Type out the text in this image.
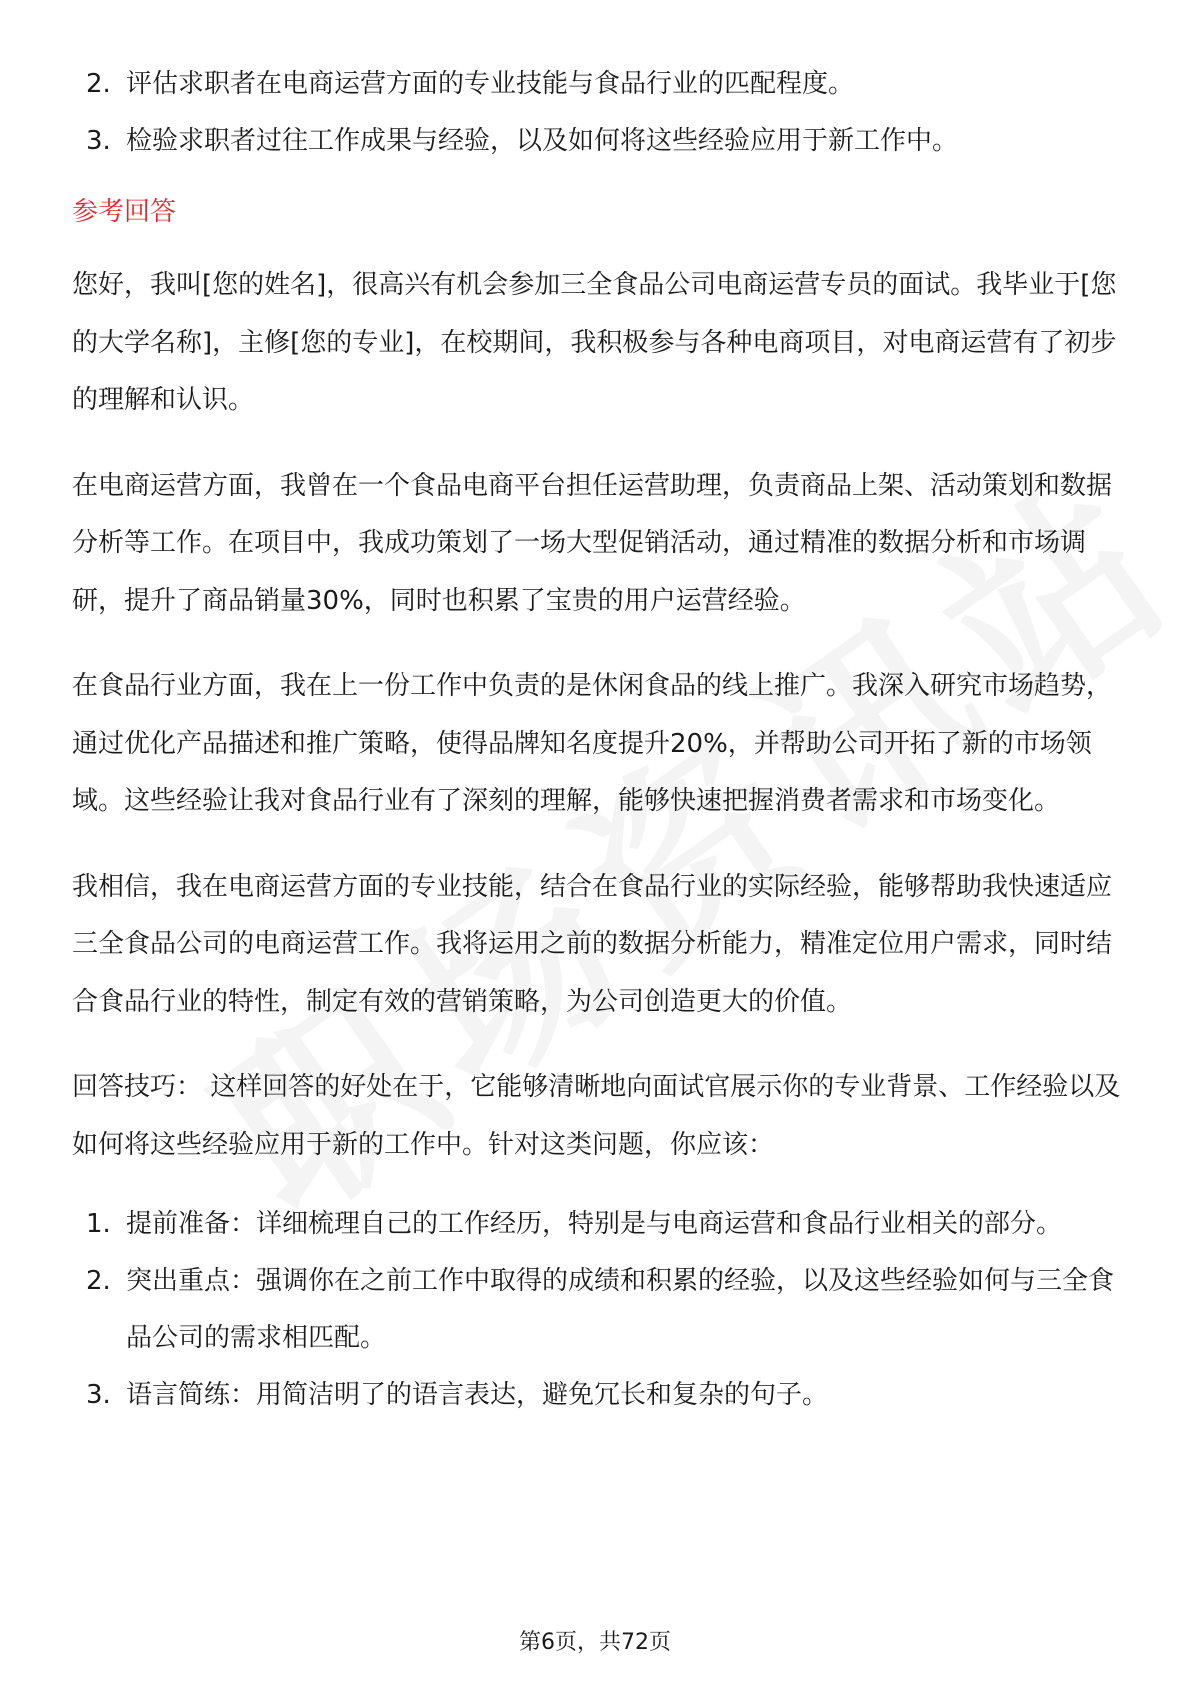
2. 评估求职者在电商运营方面的专业技能与食品行业的匹配程度。
3. 检验求职者过往工作成果与经验，以及如何将这些经验应用于新工作中。
参考回答

您好，我叫[您的姓名]，很高兴有机会参加三全食品公司电商运营专员的面试。我毕业于[您的大学名称]，主修[您的专业]，在校期间，我积极参与各种电商项目，对电商运营有了初步的理解和认识。

在电商运营方面，我曾在一个食品电商平台担任运营助理，负责商品上架、活动策划和数据分析等工作。在项目中，我成功策划了一场大型促销活动，通过精准的数据分析和市场调研，提升了商品销量30%，同时也积累了宝贵的用户运营经验。

在食品行业方面，我在上一份工作中负责的是休闲食品的线上推广。我深入研究市场趋势，通过优化产品描述和推广策略，使得品牌知名度提升20%，并帮助公司开拓了新的市场领域。这些经验让我对食品行业有了深刻的理解，能够快速把握消费者需求和市场变化。

我相信，我在电商运营方面的专业技能，结合在食品行业的实际经验，能够帮助我快速适应三全食品公司的电商运营工作。我将运用之前的数据分析能力，精准定位用户需求，同时结合食品行业的特性，制定有效的营销策略，为公司创造更大的价值。

回答技巧： 这样回答的好处在于，它能够清晰地向面试官展示你的专业背景、工作经验以及如何将这些经验应用于新的工作中。针对这类问题，你应该：

1. 提前准备：详细梳理自己的工作经历，特别是与电商运营和食品行业相关的部分。
2. 突出重点：强调你在之前工作中取得的成绩和积累的经验，以及这些经验如何与三全食品公司的需求相匹配。
3. 语言简练：用简洁明了的语言表达，避免冗长和复杂的句子。
第6页，共72页
